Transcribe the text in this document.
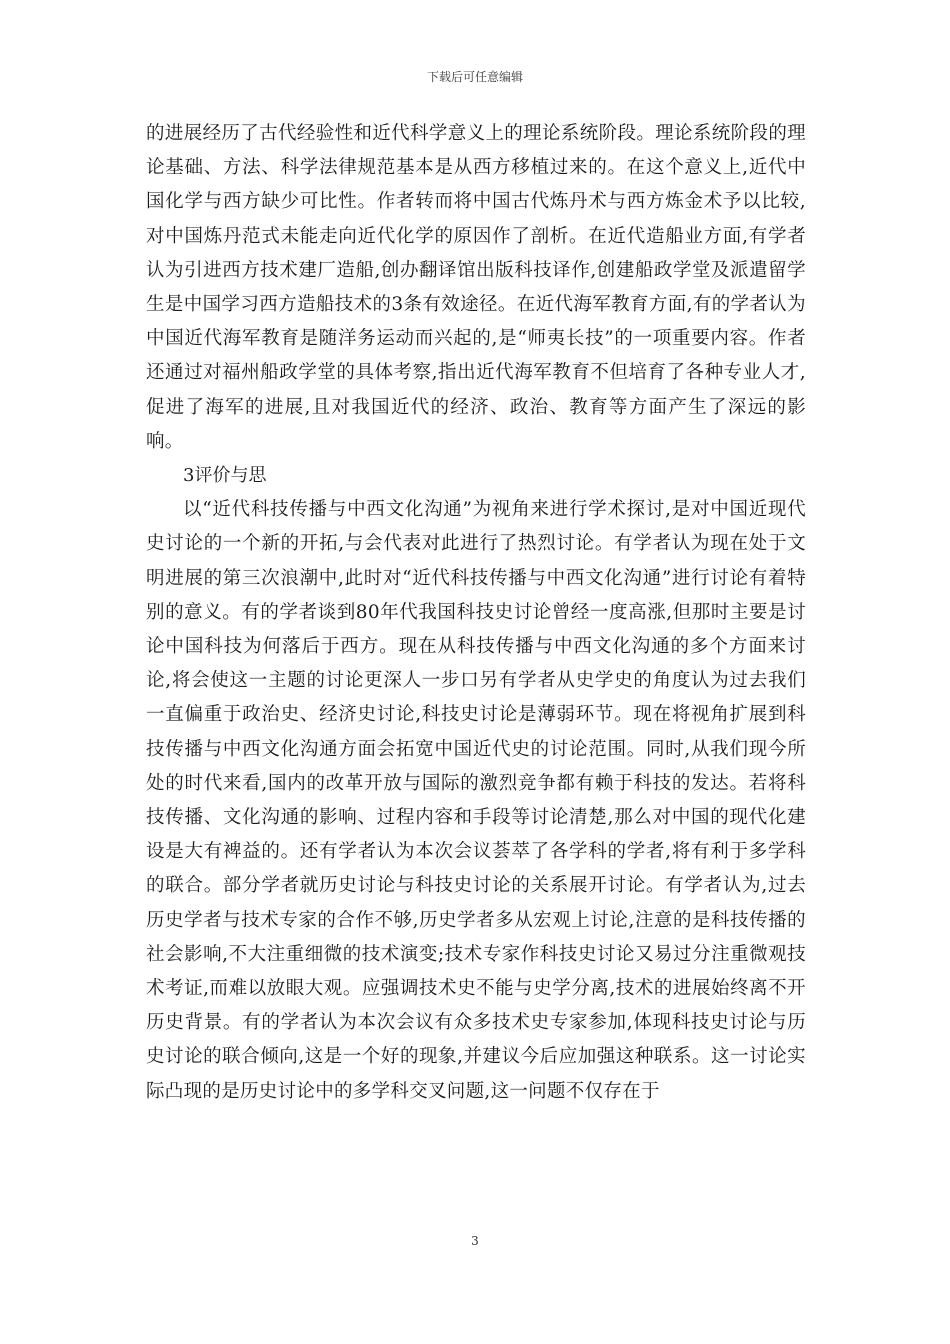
下载后可任意编辑

的进展经历了古代经验性和近代科学意义上的理论系统阶段。理论系统阶段的理论基础、方法、科学法律规范基本是从西方移植过来的。在这个意义上,近代中国化学与西方缺少可比性。作者转而将中国古代炼丹术与西方炼金术予以比较,对中国炼丹范式未能走向近代化学的原因作了剖析。在近代造船业方面,有学者认为引进西方技术建厂造船,创办翻译馆出版科技译作,创建船政学堂及派遣留学生是中国学习西方造船技术的3条有效途径。在近代海军教育方面,有的学者认为中国近代海军教育是随洋务运动而兴起的,是“师夷长技”的一项重要内容。作者还通过对福州船政学堂的具体考察,指出近代海军教育不但培育了各种专业人才,促进了海军的进展,且对我国近代的经济、政治、教育等方面产生了深远的影响。

3评价与思

以“近代科技传播与中西文化沟通”为视角来进行学术探讨,是对中国近现代史讨论的一个新的开拓,与会代表对此进行了热烈讨论。有学者认为现在处于文明进展的第三次浪潮中,此时对“近代科技传播与中西文化沟通”进行讨论有着特别的意义。有的学者谈到80年代我国科技史讨论曾经一度高涨,但那时主要是讨论中国科技为何落后于西方。现在从科技传播与中西文化沟通的多个方面来讨论,将会使这一主题的讨论更深人一步口另有学者从史学史的角度认为过去我们一直偏重于政治史、经济史讨论,科技史讨论是薄弱环节。现在将视角扩展到科技传播与中西文化沟通方面会拓宽中国近代史的讨论范围。同时,从我们现今所处的时代来看,国内的改革开放与国际的激烈竞争都有赖于科技的发达。若将科技传播、文化沟通的影响、过程内容和手段等讨论清楚,那么对中国的现代化建设是大有裨益的。还有学者认为本次会议荟萃了各学科的学者,将有利于多学科的联合。部分学者就历史讨论与科技史讨论的关系展开讨论。有学者认为,过去历史学者与技术专家的合作不够,历史学者多从宏观上讨论,注意的是科技传播的社会影响,不大注重细微的技术演变;技术专家作科技史讨论又易过分注重微观技术考证,而难以放眼大观。应强调技术史不能与史学分离,技术的进展始终离不开历史背景。有的学者认为本次会议有众多技术史专家参加,体现科技史讨论与历史讨论的联合倾向,这是一个好的现象,并建议今后应加强这种联系。这一讨论实际凸现的是历史讨论中的多学科交叉问题,这一问题不仅存在于

3
